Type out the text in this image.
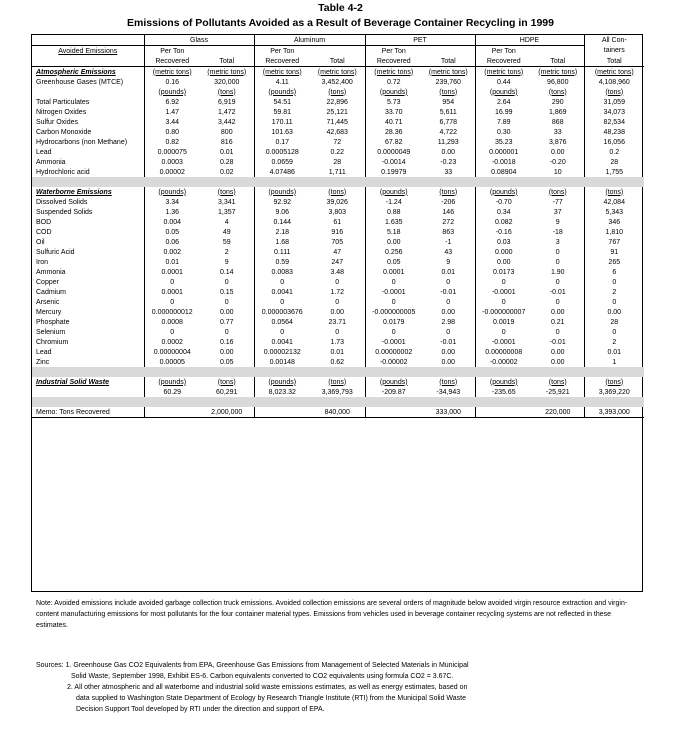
Table 4-2
Emissions of Pollutants Avoided as a Result of Beverage Container Recycling in 1999
	Glass		Aluminum		PET		HDPE		All Con-
Avoided Emissions	Per Ton		Per Ton		Per Ton		Per Ton		tainers
	Recovered	Total	Recovered	Total	Recovered	Total	Recovered	Total	Total
Atmospheric Emissions	(metric tons)	(metric tons)	(metric tons)	(metric tons)	(metric tons)	(metric tons)	(metric tons)	(metric tons)	(metric tons)
Greenhouse Gases (MTCE)	0.16	320,000	4.11	3,452,400	0.72	239,760	0.44	96,800	4,108,960
	(pounds)	(tons)	(pounds)	(tons)	(pounds)	(tons)	(pounds)	(tons)	(tons)
Total Particulates	6.92	6,919	54.51	22,896	5.73	954	2.64	290	31,059
Nitrogen Oxides	1.47	1,472	59.81	25,121	33.70	5,611	16.99	1,869	34,073
Sulfur Oxides	3.44	3,442	170.11	71,445	40.71	6,778	7.89	868	82,534
Carbon Monoxide	0.80	800	101.63	42,683	28.36	4,722	0.30	33	48,238
Hydrocarbons (non Methane)	0.82	816	0.17	72	67.82	11,293	35.23	3,876	16,056
Lead	0.000075	0.01	0.0005128	0.22	0.0000049	0.00	0.000001	0.00	0.2
Ammonia	0.0003	0.28	0.0659	28	-0.0014	-0.23	-0.0018	-0.20	28
Hydrochloric acid	0.00002	0.02	4.07486	1,711	0.19979	33	0.08904	10	1,755

Waterborne Emissions	(pounds)	(tons)	(pounds)	(tons)	(pounds)	(tons)	(pounds)	(tons)	(tons)
Dissolved Solids	3.34	3,341	92.92	39,026	-1.24	-206	-0.70	-77	42,084
Suspended Solids	1.36	1,357	9.06	3,803	0.88	146	0.34	37	5,343
BOD	0.004	4	0.144	61	1.635	272	0.082	9	346
COD	0.05	49	2.18	916	5.18	863	-0.16	-18	1,810
Oil	0.06	59	1.68	705	0.00	-1	0.03	3	767
Sulfuric Acid	0.002	2	0.111	47	0.256	43	0.000	0	91
Iron	0.01	9	0.59	247	0.05	9	0.00	0	265
Ammonia	0.0001	0.14	0.0083	3.48	0.0001	0.01	0.0173	1.90	6
Copper	0	0	0	0	0	0	0	0	0
Cadmium	0.0001	0.15	0.0041	1.72	-0.0001	-0.01	-0.0001	-0.01	2
Arsenic	0	0	0	0	0	0	0	0	0
Mercury	0.000000012	0.00	0.000003676	0.00	-0.000000005	0.00	-0.000000007	0.00	0.00
Phosphate	0.0008	0.77	0.0564	23.71	0.0179	2.98	0.0019	0.21	28
Selenium	0	0	0	0	0	0	0	0	0
Chromium	0.0002	0.16	0.0041	1.73	-0.0001	-0.01	-0.0001	-0.01	2
Lead	0.00000004	0.00	0.00002132	0.01	0.00000002	0.00	0.00000008	0.00	0.01
Zinc	0.00005	0.05	0.00148	0.62	-0.00002	0.00	-0.00002	0.00	1

Industrial Solid Waste	(pounds)	(tons)	(pounds)	(tons)	(pounds)	(tons)	(pounds)	(tons)	(tons)
	60.29	60,291	8,023.32	3,369,793	-209.87	-34,943	-235.65	-25,921	3,369,220

Memo: Tons Recovered		2,000,000		840,000		333,000		220,000	3,393,000
Note: Avoided emissions include avoided garbage collection truck emissions. Avoided collection emissions are several orders of magnitude below avoided virgin resource extraction and virgin-content manufacturing emissions for most pollutants for the four container material types. Emissions from vehicles used in beverage container recycling systems are not reflected in these estimates.
Sources: 1. Greenhouse Gas CO2 Equivalents from EPA, Greenhouse Gas Emissions from Management of Selected Materials in Municipal

Solid Waste, September 1998, Exhibit ES-6. Carbon equivalents converted to CO2 equivalents using formula CO2 = 3.67C.
2. All other atmospheric and all waterborne and industrial solid waste emissions estimates, as well as energy estimates, based on
data supplied to Washington State Department of Ecology by Research Triangle Institute (RTI) from the Municipal Solid Waste
Decision Support Tool developed by RTI under the direction and support of EPA.
